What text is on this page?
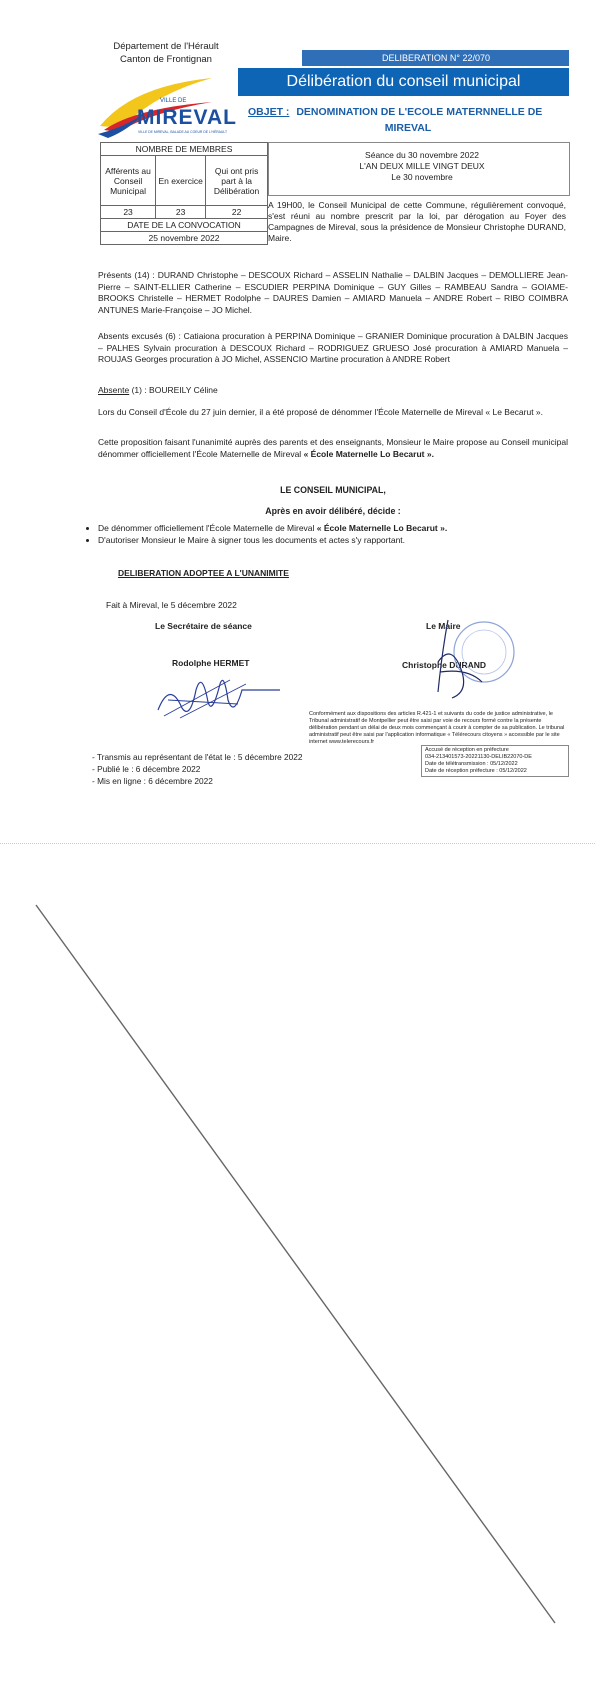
Département de l'Hérault
Canton de Frontignan
VILLE DE
MIREVAL
VILLE DE MIREVAL, BALADE AU COEUR DE L'HÉRAULT
DELIBERATION N° 22/070
Délibération du conseil municipal
OBJET : DENOMINATION DE L'ECOLE MATERNNELLE DE
MIREVAL
NOMBRE DE MEMBRES		
Afférents au Conseil Municipal	En exercice	Qui ont pris part à la Délibération
23	23	22
DATE DE LA CONVOCATION		
25 novembre 2022		
Séance du 30 novembre 2022
L'AN DEUX MILLE VINGT DEUX
Le 30 novembre
A 19H00, le Conseil Municipal de cette Commune, régulièrement convoqué, s'est réuni au nombre prescrit par la loi, par dérogation au Foyer des Campagnes de Mireval, sous la présidence de Monsieur Christophe DURAND, Maire.
Présents (14) : DURAND Christophe – DESCOUX Richard – ASSELIN Nathalie – DALBIN Jacques – DEMOLLIERE Jean-Pierre – SAINT-ELLIER Catherine – ESCUDIER PERPINA Dominique – GUY Gilles – RAMBEAU Sandra – GOIAME-BROOKS Christelle – HERMET Rodolphe – DAURES Damien – AMIARD Manuela – ANDRE Robert – RIBO COIMBRA ANTUNES Marie-Françoise – JO Michel.
Absents excusés (6) : Catiaiona procuration à PERPINA Dominique – GRANIER Dominique procuration à DALBIN Jacques – PALHES Sylvain procuration à DESCOUX Richard – RODRIGUEZ GRUESO José procuration à AMIARD Manuela – ROUJAS Georges procuration à JO Michel, ASSENCIO Martine procuration à ANDRE Robert
Absente (1) : BOUREILY Céline
Lors du Conseil d'École du 27 juin dernier, il a été proposé de dénommer l'École Maternelle de Mireval « Le Becarut ».
Cette proposition faisant l'unanimité auprès des parents et des enseignants, Monsieur le Maire propose au Conseil municipal dénommer officiellement l'École Maternelle de Mireval « École Maternelle Lo Becarut ».
LE CONSEIL MUNICIPAL,
Après en avoir délibéré, décide :
• De dénommer officiellement l'École Maternelle de Mireval « École Maternelle Lo Becarut ».
• D'autoriser Monsieur le Maire à signer tous les documents et actes s'y rapportant.
DELIBERATION ADOPTEE A L'UNANIMITE
Fait à Mireval, le 5 décembre 2022
Le Secrétaire de séance
Rodolphe HERMET
Le Maire
Christophe DURAND
Conformément aux dispositions des articles R.421-1 et suivants du code de justice administrative, le Tribunal administratif de Montpellier peut être saisi par voie de recours formé contre la présente délibération pendant un délai de deux mois commençant à courir à compter de sa publication. Le tribunal administratif peut être saisi par l'application informatique « Télérecours citoyens » accessible par le site internet www.telerecours.fr
Accusé de réception en préfecture
034-213401573-20221130-DELIB22070-DE
Date de télétransmission : 05/12/2022
Date de réception préfecture : 05/12/2022
- Transmis au représentant de l'état le : 5 décembre 2022
- Publié le : 6 décembre 2022
- Mis en ligne : 6 décembre 2022
